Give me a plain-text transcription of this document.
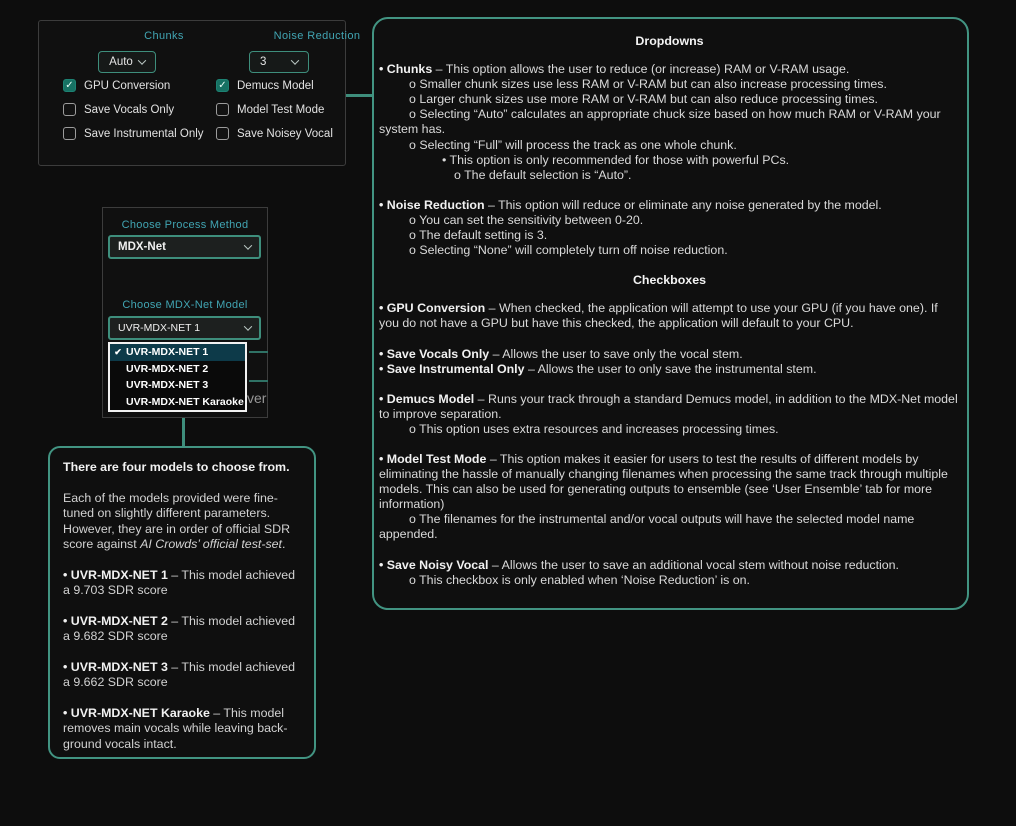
Chunks	Noise Reduction
Auto	3
✓ GPU Conversion	✓ Demucs Model
Save Vocals Only	Model Test Mode
Save Instrumental Only	Save Noisey Vocal
Choose Process Method
MDX-Net
Choose MDX-Net Model
UVR-MDX-NET 1
✔ UVR-MDX-NET 1
UVR-MDX-NET 2
UVR-MDX-NET 3
UVR-MDX-NET Karaoke ver

There are four models to choose from.

Each of the models provided were fine-tuned on slightly different parameters. However, they are in order of official SDR score against AI Crowds’ official test-set.

• UVR-MDX-NET 1 – This model achieved a 9.703 SDR score

• UVR-MDX-NET 2 – This model achieved a 9.682 SDR score

• UVR-MDX-NET 3 – This model achieved a 9.662 SDR score

• UVR-MDX-NET Karaoke – This model removes main vocals while leaving back-ground vocals intact.

Dropdowns

• Chunks – This option allows the user to reduce (or increase) RAM or V-RAM usage.

o Smaller chunk sizes use less RAM or V-RAM but can also increase processing times.

o Larger chunk sizes use more RAM or V-RAM but can also reduce processing times.

o Selecting “Auto” calculates an appropriate chuck size based on how much RAM or V-RAM your system has.

o Selecting “Full” will process the track as one whole chunk.

• This option is only recommended for those with powerful PCs.

o The default selection is “Auto”.

• Noise Reduction – This option will reduce or eliminate any noise generated by the model.

o You can set the sensitivity between 0-20.

o The default setting is 3.

o Selecting “None” will completely turn off noise reduction.

Checkboxes

• GPU Conversion – When checked, the application will attempt to use your GPU (if you have one). If you do not have a GPU but have this checked, the application will default to your CPU.

• Save Vocals Only – Allows the user to save only the vocal stem.

• Save Instrumental Only – Allows the user to only save the instrumental stem.

• Demucs Model – Runs your track through a standard Demucs model, in addition to the MDX-Net model to improve separation.

o This option uses extra resources and increases processing times.

• Model Test Mode – This option makes it easier for users to test the results of different models by eliminating the hassle of manually changing filenames when processing the same track through multiple models. This can also be used for generating outputs to ensemble (see ‘User Ensemble’ tab for more information)

o The filenames for the instrumental and/or vocal outputs will have the selected model name appended.

• Save Noisy Vocal – Allows the user to save an additional vocal stem without noise reduction.

o This checkbox is only enabled when ‘Noise Reduction’ is on.
